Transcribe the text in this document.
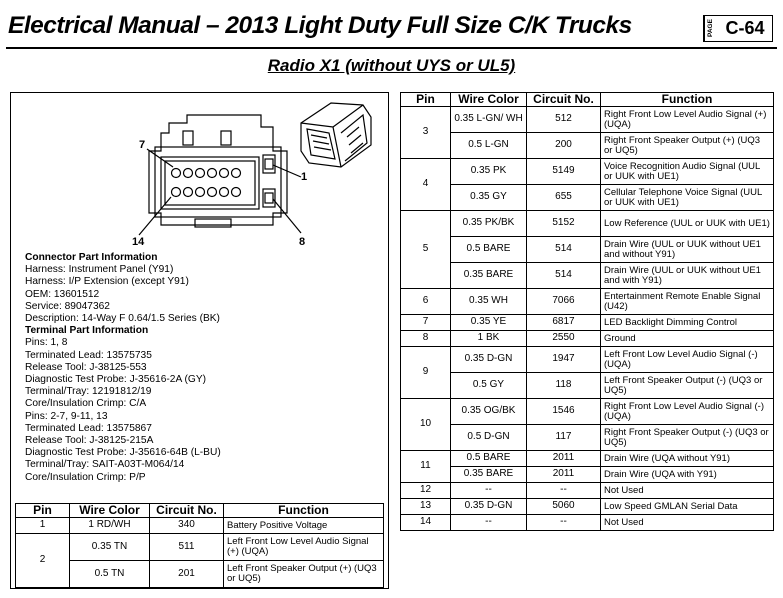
Electrical Manual – 2013 Light Duty Full Size C/K Trucks	PAGE C-64
Radio X1 (without UYS or UL5)
7
1
14	8
Connector Part Information
Harness: Instrument Panel (Y91)
Harness: I/P Extension (except Y91)
OEM: 13601512
Service: 89047362
Description: 14-Way F 0.64/1.5 Series (BK)
Terminal Part Information
Pins: 1, 8
Terminated Lead: 13575735
Release Tool: J-38125-553
Diagnostic Test Probe: J-35616-2A (GY)
Terminal/Tray: 12191812/19
Core/Insulation Crimp: C/A
Pins: 2-7, 9-11, 13
Terminated Lead: 13575867
Release Tool: J-38125-215A
Diagnostic Test Probe: J-35616-64B (L-BU)
Terminal/Tray: SAIT-A03T-M064/14
Core/Insulation Crimp: P/P
Pin	Wire Color	Circuit No.	Function
1	1 RD/WH	340	Battery Positive Voltage
2	0.35 TN	511	Left Front Low Level Audio Signal (+) (UQA)
	0.5 TN	201	Left Front Speaker Output (+) (UQ3 or UQ5)
Pin	Wire Color	Circuit No.	Function
3	0.35 L-GN/ WH	512	Right Front Low Level Audio Signal (+) (UQA)
	0.5 L-GN	200	Right Front Speaker Output (+) (UQ3 or UQ5)
4	0.35 PK	5149	Voice Recognition Audio Signal (UUL or UUK with UE1)
	0.35 GY	655	Cellular Telephone Voice Signal (UUL or UUK with UE1)
5	0.35 PK/BK	5152	Low Reference (UUL or UUK with UE1)
	0.5 BARE	514	Drain Wire (UUL or UUK without UE1 and without Y91)
	0.35 BARE	514	Drain Wire (UUL or UUK without UE1 and with Y91)
6	0.35 WH	7066	Entertainment Remote Enable Signal (U42)
7	0.35 YE	6817	LED Backlight Dimming Control
8	1 BK	2550	Ground
9	0.35 D-GN	1947	Left Front Low Level Audio Signal (-) (UQA)
	0.5 GY	118	Left Front Speaker Output (-) (UQ3 or UQ5)
10	0.35 OG/BK	1546	Right Front Low Level Audio Signal (-) (UQA)
	0.5 D-GN	117	Right Front Speaker Output (-) (UQ3 or UQ5)
11	0.5 BARE	2011	Drain Wire (UQA without Y91)
	0.35 BARE	2011	Drain Wire (UQA with Y91)
12	--	--	Not Used
13	0.35 D-GN	5060	Low Speed GMLAN Serial Data
14	--	--	Not Used
